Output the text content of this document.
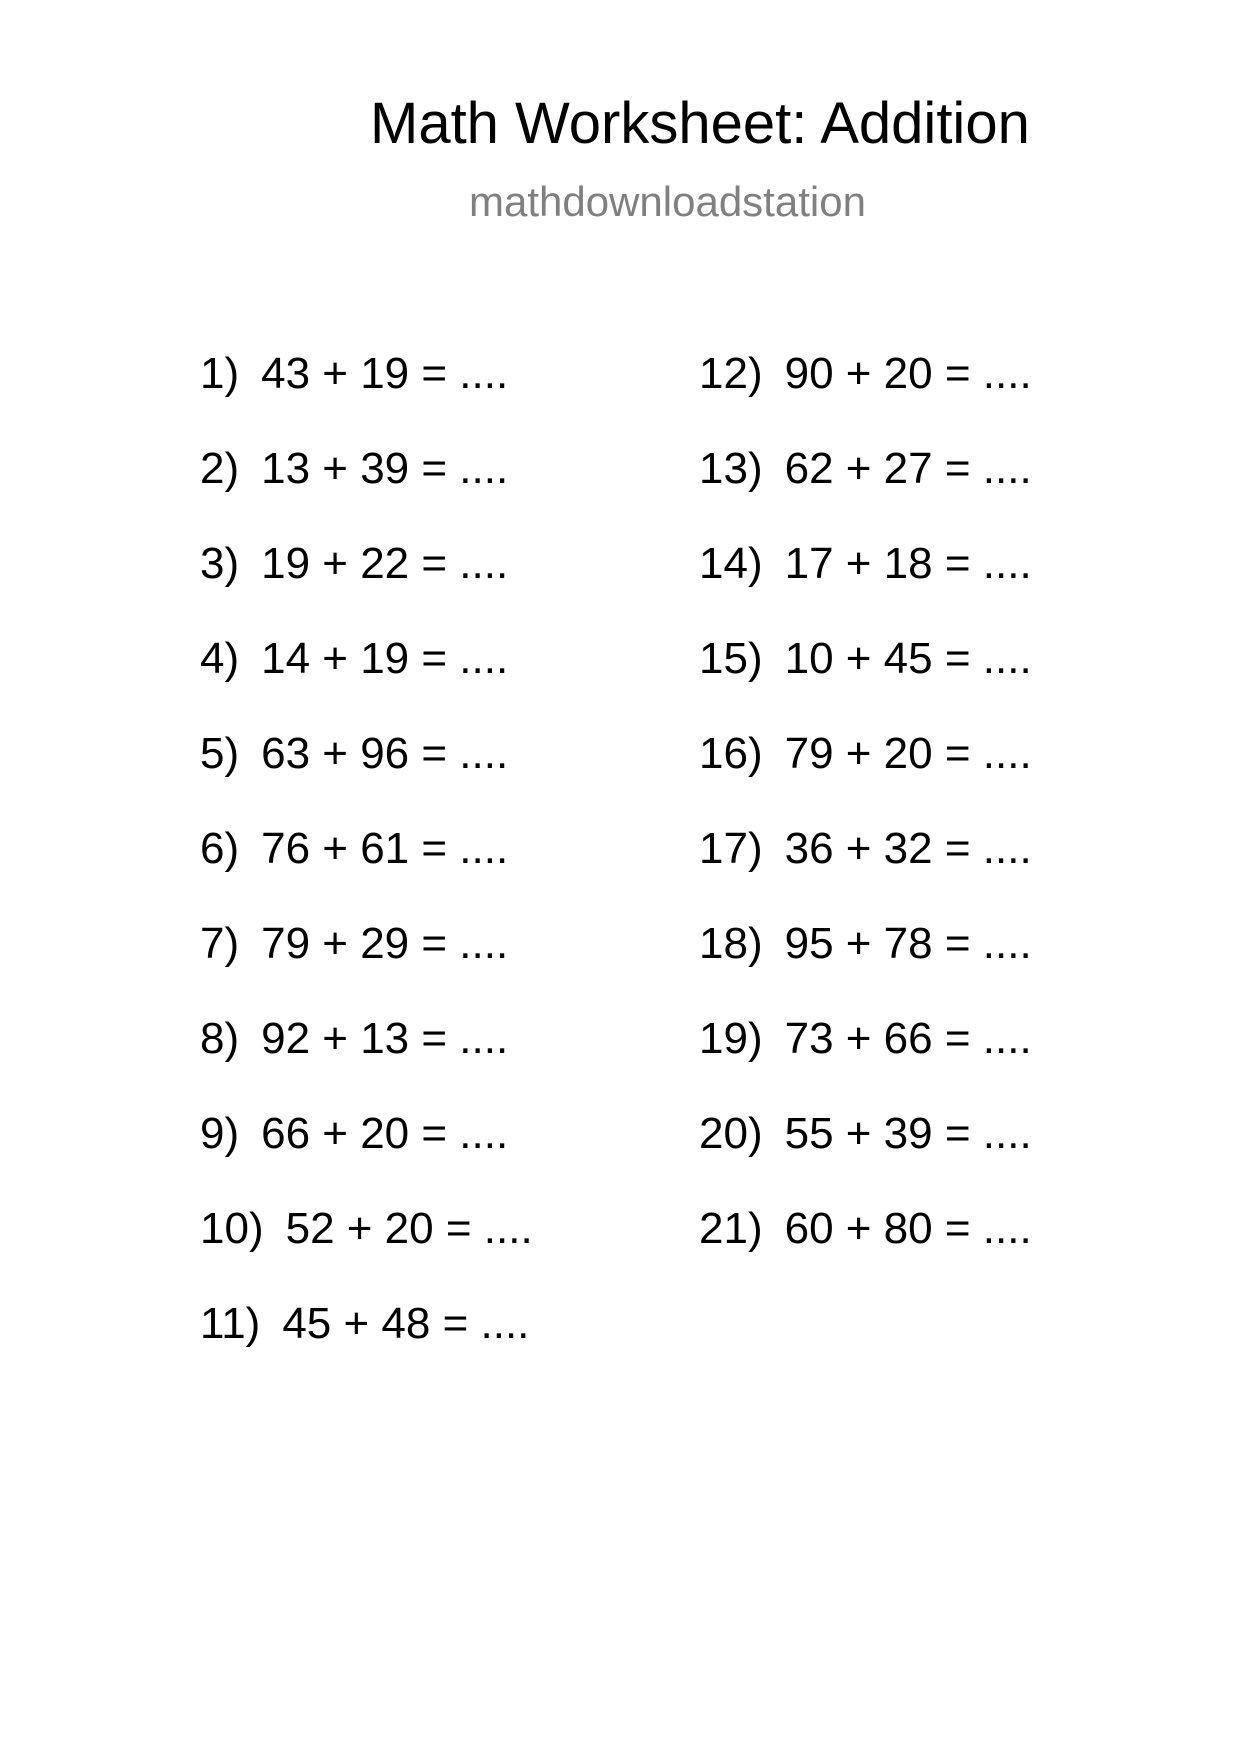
Math Worksheet: Addition
mathdownloadstation
1) 43 + 19 = ....
2) 13 + 39 = ....
3) 19 + 22 = ....
4) 14 + 19 = ....
5) 63 + 96 = ....
6) 76 + 61 = ....
7) 79 + 29 = ....
8) 92 + 13 = ....
9) 66 + 20 = ....
10) 52 + 20 = ....
11) 45 + 48 = ....
12) 90 + 20 = ....
13) 62 + 27 = ....
14) 17 + 18 = ....
15) 10 + 45 = ....
16) 79 + 20 = ....
17) 36 + 32 = ....
18) 95 + 78 = ....
19) 73 + 66 = ....
20) 55 + 39 = ....
21) 60 + 80 = ....
